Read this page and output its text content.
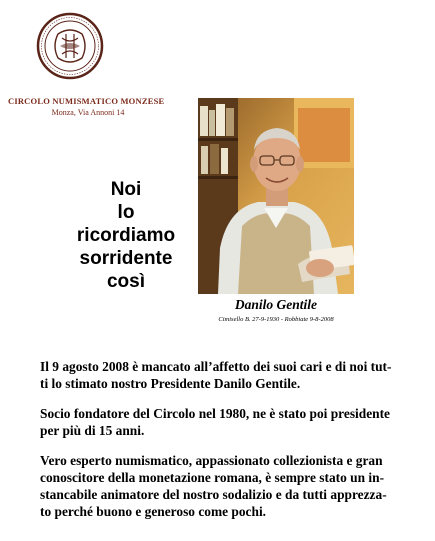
CIRCOLO NUMISMATICO MONZESE
Monza, Via Annoni 14
Noi
lo ricordiamo
sorridente così
Danilo Gentile
Cimisello B. 27-9-1930 - Robbiate 9-8-2008

Il 9 agosto 2008 è mancato all’affetto dei suoi cari e di noi tut-
ti lo stimato nostro Presidente Danilo Gentile.

Socio fondatore del Circolo nel 1980, ne è stato poi presidente
per più di 15 anni.

Vero esperto numismatico, appassionato collezionista e gran
conoscitore della monetazione romana, è sempre stato un in-
stancabile animatore del nostro sodalizio e da tutti apprezza-
to perché buono e generoso come pochi.
